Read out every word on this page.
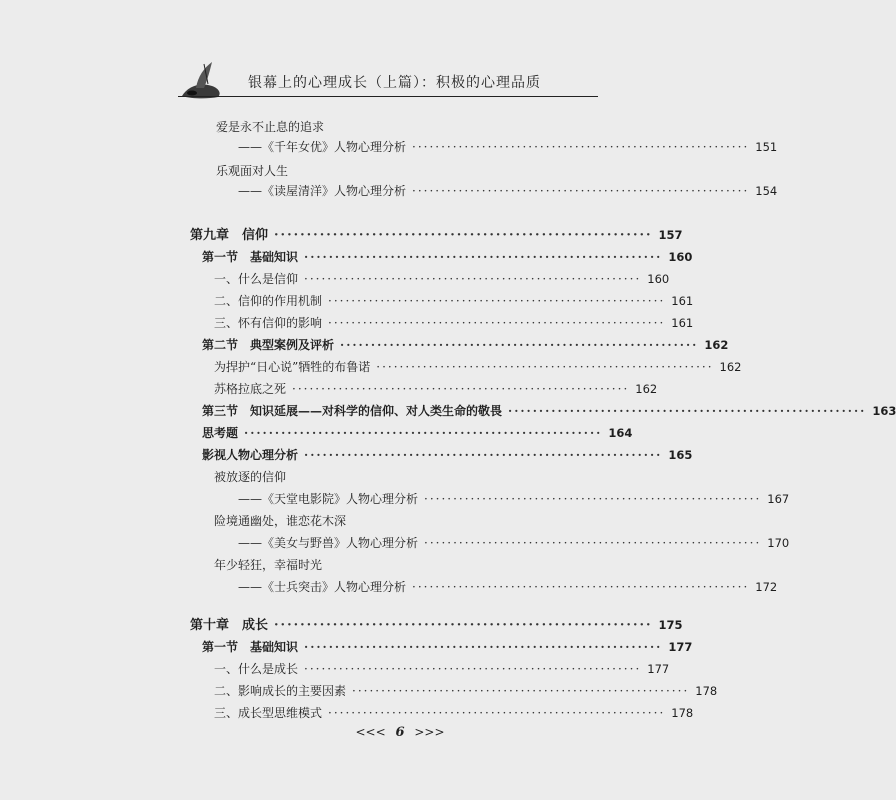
银幕上的心理成长（上篇）：积极的心理品质
爱是永不止息的追求
——《千年女优》人物心理分析 ·························································· 151
乐观面对人生
——《读屋清洋》人物心理分析 ·························································· 154
第九章　信仰 ·························································· 157
第一节　基础知识 ·························································· 160
一、什么是信仰 ·························································· 160
二、信仰的作用机制 ·························································· 161
三、怀有信仰的影响 ·························································· 161
第二节　典型案例及评析 ·························································· 162
为捍护“日心说”牺牲的布鲁诺 ·························································· 162
苏格拉底之死 ·························································· 162
第三节　知识延展——对科学的信仰、对人类生命的敬畏 ·························································· 163
思考题 ·························································· 164
影视人物心理分析 ·························································· 165
被放逐的信仰
——《天堂电影院》人物心理分析 ·························································· 167
险境通幽处，谁恋花木深
——《美女与野兽》人物心理分析 ·························································· 170
年少轻狂，幸福时光
——《士兵突击》人物心理分析 ·························································· 172
第十章　成长 ·························································· 175
第一节　基础知识 ·························································· 177
一、什么是成长 ·························································· 177
二、影响成长的主要因素 ·························································· 178
三、成长型思维模式 ·························································· 178
<<< 6 >>>
